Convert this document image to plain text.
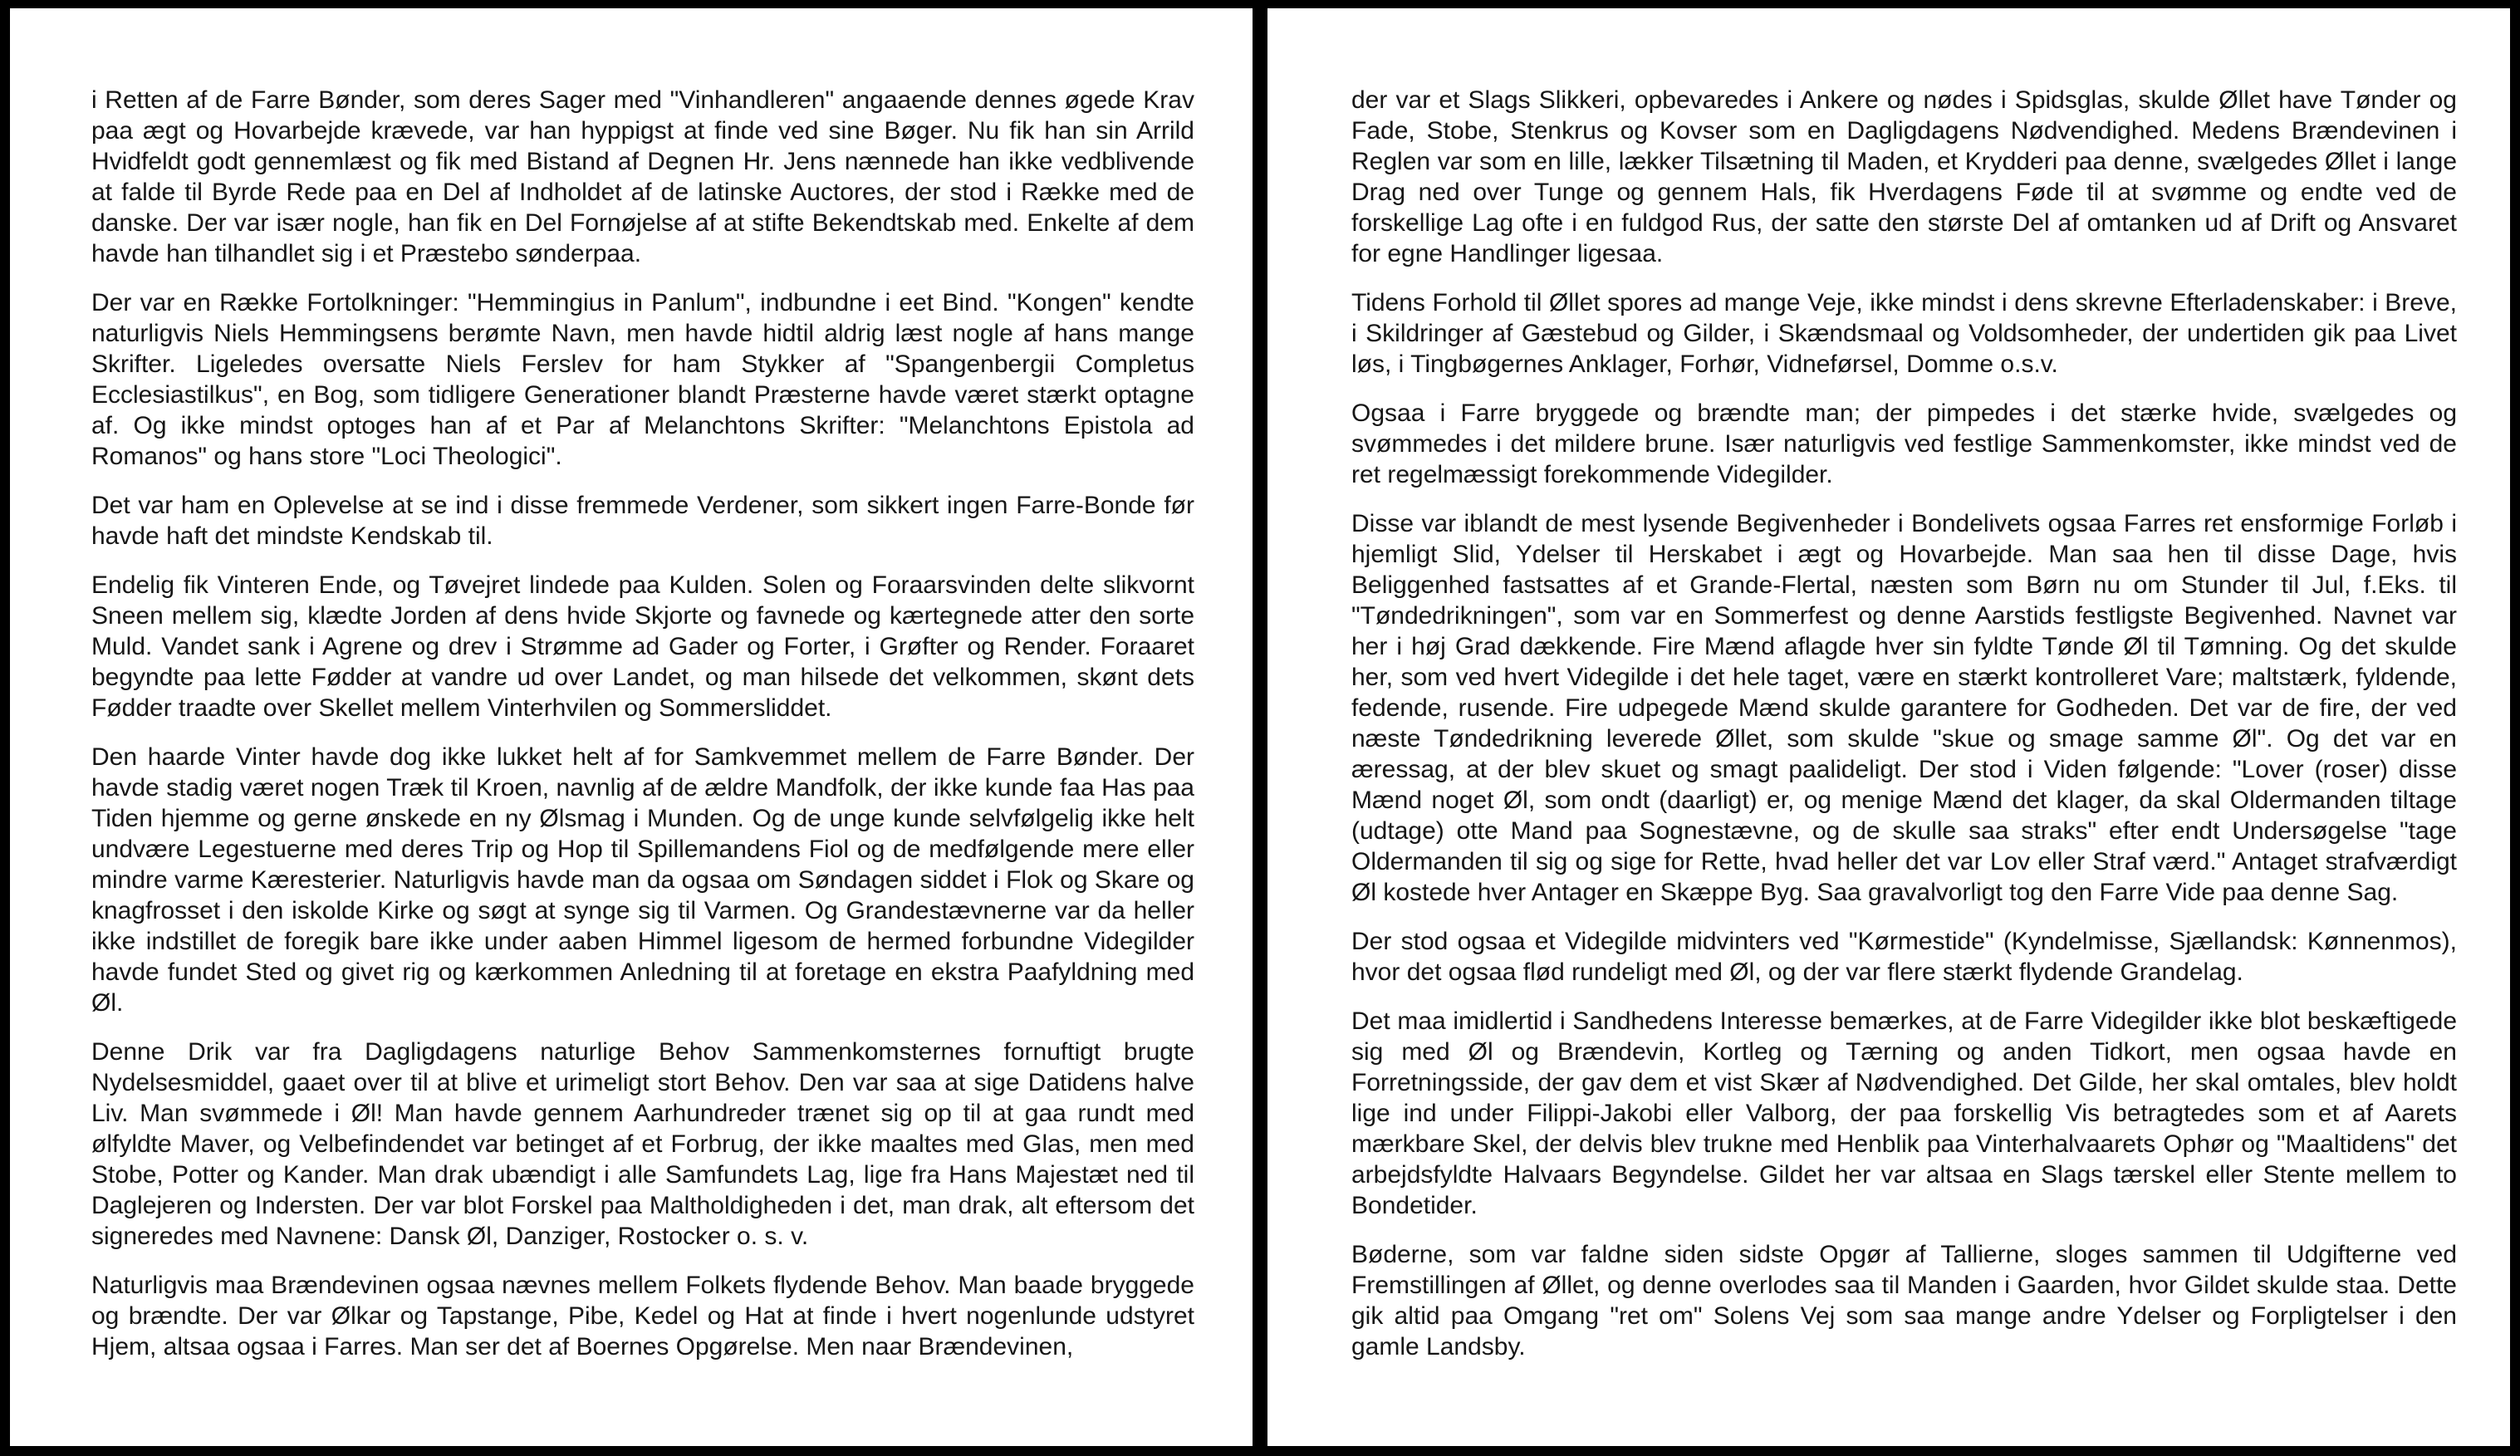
i Retten af de Farre Bønder, som deres Sager med "Vinhandleren" angaaende dennes øgede Krav paa ægt og Hovarbejde krævede, var han hyppigst at finde ved sine Bøger. Nu fik han sin Arrild Hvidfeldt godt gennemlæst og fik med Bistand af Degnen Hr. Jens nænnede han ikke vedblivende at falde til Byrde Rede paa en Del af Indholdet af de latinske Auctores, der stod i Række med de danske. Der var især nogle, han fik en Del Fornøjelse af at stifte Bekendtskab med. Enkelte af dem havde han tilhandlet sig i et Præstebo sønderpaa.

Der var en Række Fortolkninger: "Hemmingius in Panlum", indbundne i eet Bind. "Kongen" kendte naturligvis Niels Hemmingsens berømte Navn, men havde hidtil aldrig læst nogle af hans mange Skrifter. Ligeledes oversatte Niels Ferslev for ham Stykker af "Spangenbergii Completus Ecclesiastilkus", en Bog, som tidligere Generationer blandt Præsterne havde været stærkt optagne af. Og ikke mindst optoges han af et Par af Melanchtons Skrifter: "Melanchtons Epistola ad Romanos" og hans store "Loci Theologici".

Det var ham en Oplevelse at se ind i disse fremmede Verdener, som sikkert ingen Farre-Bonde før havde haft det mindste Kendskab til.

Endelig fik Vinteren Ende, og Tøvejret lindede paa Kulden. Solen og Foraarsvinden delte slikvornt Sneen mellem sig, klædte Jorden af dens hvide Skjorte og favnede og kærtegnede atter den sorte Muld. Vandet sank i Agrene og drev i Strømme ad Gader og Forter, i Grøfter og Render. Foraaret begyndte paa lette Fødder at vandre ud over Landet, og man hilsede det velkommen, skønt dets Fødder traadte over Skellet mellem Vinterhvilen og Sommersliddet.

Den haarde Vinter havde dog ikke lukket helt af for Samkvemmet mellem de Farre Bønder. Der havde stadig været nogen Træk til Kroen, navnlig af de ældre Mandfolk, der ikke kunde faa Has paa Tiden hjemme og gerne ønskede en ny Ølsmag i Munden. Og de unge kunde selvfølgelig ikke helt undvære Legestuerne med deres Trip og Hop til Spillemandens Fiol og de medfølgende mere eller mindre varme Kæresterier. Naturligvis havde man da ogsaa om Søndagen siddet i Flok og Skare og knagfrosset i den iskolde Kirke og søgt at synge sig til Varmen. Og Grandestævnerne var da heller ikke indstillet de foregik bare ikke under aaben Himmel ligesom de hermed forbundne Videgilder havde fundet Sted og givet rig og kærkommen Anledning til at foretage en ekstra Paafyldning med Øl.

Denne Drik var fra Dagligdagens naturlige Behov Sammenkomsternes fornuftigt brugte Nydelsesmiddel, gaaet over til at blive et urimeligt stort Behov. Den var saa at sige Datidens halve Liv. Man svømmede i Øl! Man havde gennem Aarhundreder trænet sig op til at gaa rundt med ølfyldte Maver, og Velbefindendet var betinget af et Forbrug, der ikke maaltes med Glas, men med Stobe, Potter og Kander. Man drak ubændigt i alle Samfundets Lag, lige fra Hans Majestæt ned til Daglejeren og Indersten. Der var blot Forskel paa Maltholdigheden i det, man drak, alt eftersom det signeredes med Navnene: Dansk Øl, Danziger, Rostocker o. s. v.

Naturligvis maa Brændevinen ogsaa nævnes mellem Folkets flydende Behov. Man baade bryggede og brændte. Der var Ølkar og Tapstange, Pibe, Kedel og Hat at finde i hvert nogenlunde udstyret Hjem, altsaa ogsaa i Farres. Man ser det af Boernes Opgørelse. Men naar Brændevinen,

der var et Slags Slikkeri, opbevaredes i Ankere og nødes i Spidsglas, skulde Øllet have Tønder og Fade, Stobe, Stenkrus og Kovser som en Dagligdagens Nødvendighed. Medens Brændevinen i Reglen var som en lille, lækker Tilsætning til Maden, et Krydderi paa denne, svælgedes Øllet i lange Drag ned over Tunge og gennem Hals, fik Hverdagens Føde til at svømme og endte ved de forskellige Lag ofte i en fuldgod Rus, der satte den største Del af omtanken ud af Drift og Ansvaret for egne Handlinger ligesaa.

Tidens Forhold til Øllet spores ad mange Veje, ikke mindst i dens skrevne Efterladenskaber: i Breve, i Skildringer af Gæstebud og Gilder, i Skændsmaal og Voldsomheder, der undertiden gik paa Livet løs, i Tingbøgernes Anklager, Forhør, Vidneførsel, Domme o.s.v.

Ogsaa i Farre bryggede og brændte man; der pimpedes i det stærke hvide, svælgedes og svømmedes i det mildere brune. Især naturligvis ved festlige Sammenkomster, ikke mindst ved de ret regelmæssigt forekommende Videgilder.

Disse var iblandt de mest lysende Begivenheder i Bondelivets ogsaa Farres ret ensformige Forløb i hjemligt Slid, Ydelser til Herskabet i ægt og Hovarbejde. Man saa hen til disse Dage, hvis Beliggenhed fastsattes af et Grande-Flertal, næsten som Børn nu om Stunder til Jul, f.Eks. til "Tøndedrikningen", som var en Sommerfest og denne Aarstids festligste Begivenhed. Navnet var her i høj Grad dækkende. Fire Mænd aflagde hver sin fyldte Tønde Øl til Tømning. Og det skulde her, som ved hvert Videgilde i det hele taget, være en stærkt kontrolleret Vare; maltstærk, fyldende, fedende, rusende. Fire udpegede Mænd skulde garantere for Godheden. Det var de fire, der ved næste Tøndedrikning leverede Øllet, som skulde "skue og smage samme Øl". Og det var en æressag, at der blev skuet og smagt paalideligt. Der stod i Viden følgende: "Lover (roser) disse Mænd noget Øl, som ondt (daarligt) er, og menige Mænd det klager, da skal Oldermanden tiltage (udtage) otte Mand paa Sognestævne, og de skulle saa straks" efter endt Undersøgelse "tage Oldermanden til sig og sige for Rette, hvad heller det var Lov eller Straf værd." Antaget strafværdigt Øl kostede hver Antager en Skæppe Byg. Saa gravalvorligt tog den Farre Vide paa denne Sag.

Der stod ogsaa et Videgilde midvinters ved "Kørmestide" (Kyndelmisse, Sjællandsk: Kønnenmos), hvor det ogsaa flød rundeligt med Øl, og der var flere stærkt flydende Grandelag.

Det maa imidlertid i Sandhedens Interesse bemærkes, at de Farre Videgilder ikke blot beskæftigede sig med Øl og Brændevin, Kortleg og Tærning og anden Tidkort, men ogsaa havde en Forretningsside, der gav dem et vist Skær af Nødvendighed. Det Gilde, her skal omtales, blev holdt lige ind under Filippi-Jakobi eller Valborg, der paa forskellig Vis betragtedes som et af Aarets mærkbare Skel, der delvis blev trukne med Henblik paa Vinterhalvaarets Ophør og "Maaltidens" det arbejdsfyldte Halvaars Begyndelse. Gildet her var altsaa en Slags tærskel eller Stente mellem to Bondetider.

Bøderne, som var faldne siden sidste Opgør af Tallierne, sloges sammen til Udgifterne ved Fremstillingen af Øllet, og denne overlodes saa til Manden i Gaarden, hvor Gildet skulde staa. Dette gik altid paa Omgang "ret om" Solens Vej som saa mange andre Ydelser og Forpligtelser i den gamle Landsby.
